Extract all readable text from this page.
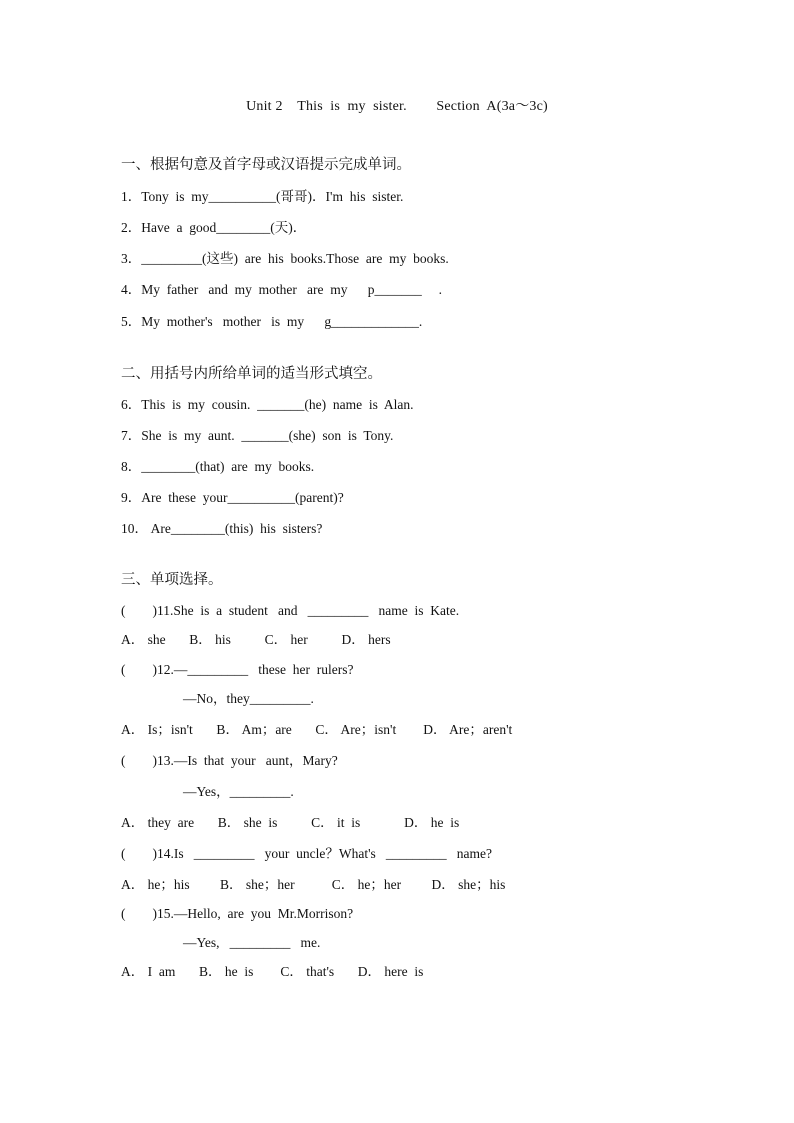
Unit 2    This  is  my  sister.        Section  A(3a～3c)
一、根据句意及首字母或汉语提示完成单词。
1．Tony  is  my__________(哥哥)．I'm  his  sister.
2．Have  a  good________(天)．
3．_________(这些)  are  his  books.Those  are  my  books.
4．My  father   and  my  mother   are  my      p_______     .
5．My  mother's   mother   is  my      g_____________.
二、用括号内所给单词的适当形式填空。
6．This  is  my  cousin.  _______(he)  name  is  Alan.
7．She  is  my  aunt.  _______(she)  son  is  Tony.
8．________(that)  are  my  books.
9．Are  these  your__________(parent)?
10． Are________(this)  his  sisters?
三、单项选择。
(        )11.She  is  a  student   and   _________   name  is  Kate.
A． she       B． his          C． her          D． hers
(        )12.—_________   these  her  rulers?
—No，they_________.
A． Is；isn't       B． Am；are       C． Are；isn't        D． Are；aren't
(        )13.—Is  that  your   aunt，Mary?
—Yes，_________.
A． they  are       B． she  is          C． it  is             D． he  is
(        )14.Is   _________   your  uncle？What's   _________   name?
A． he；his         B． she；her           C． he；her         D． she；his
(        )15.—Hello,  are  you  Mr.Morrison?
—Yes,   _________   me.
A． I  am       B． he  is        C． that's       D． here  is
